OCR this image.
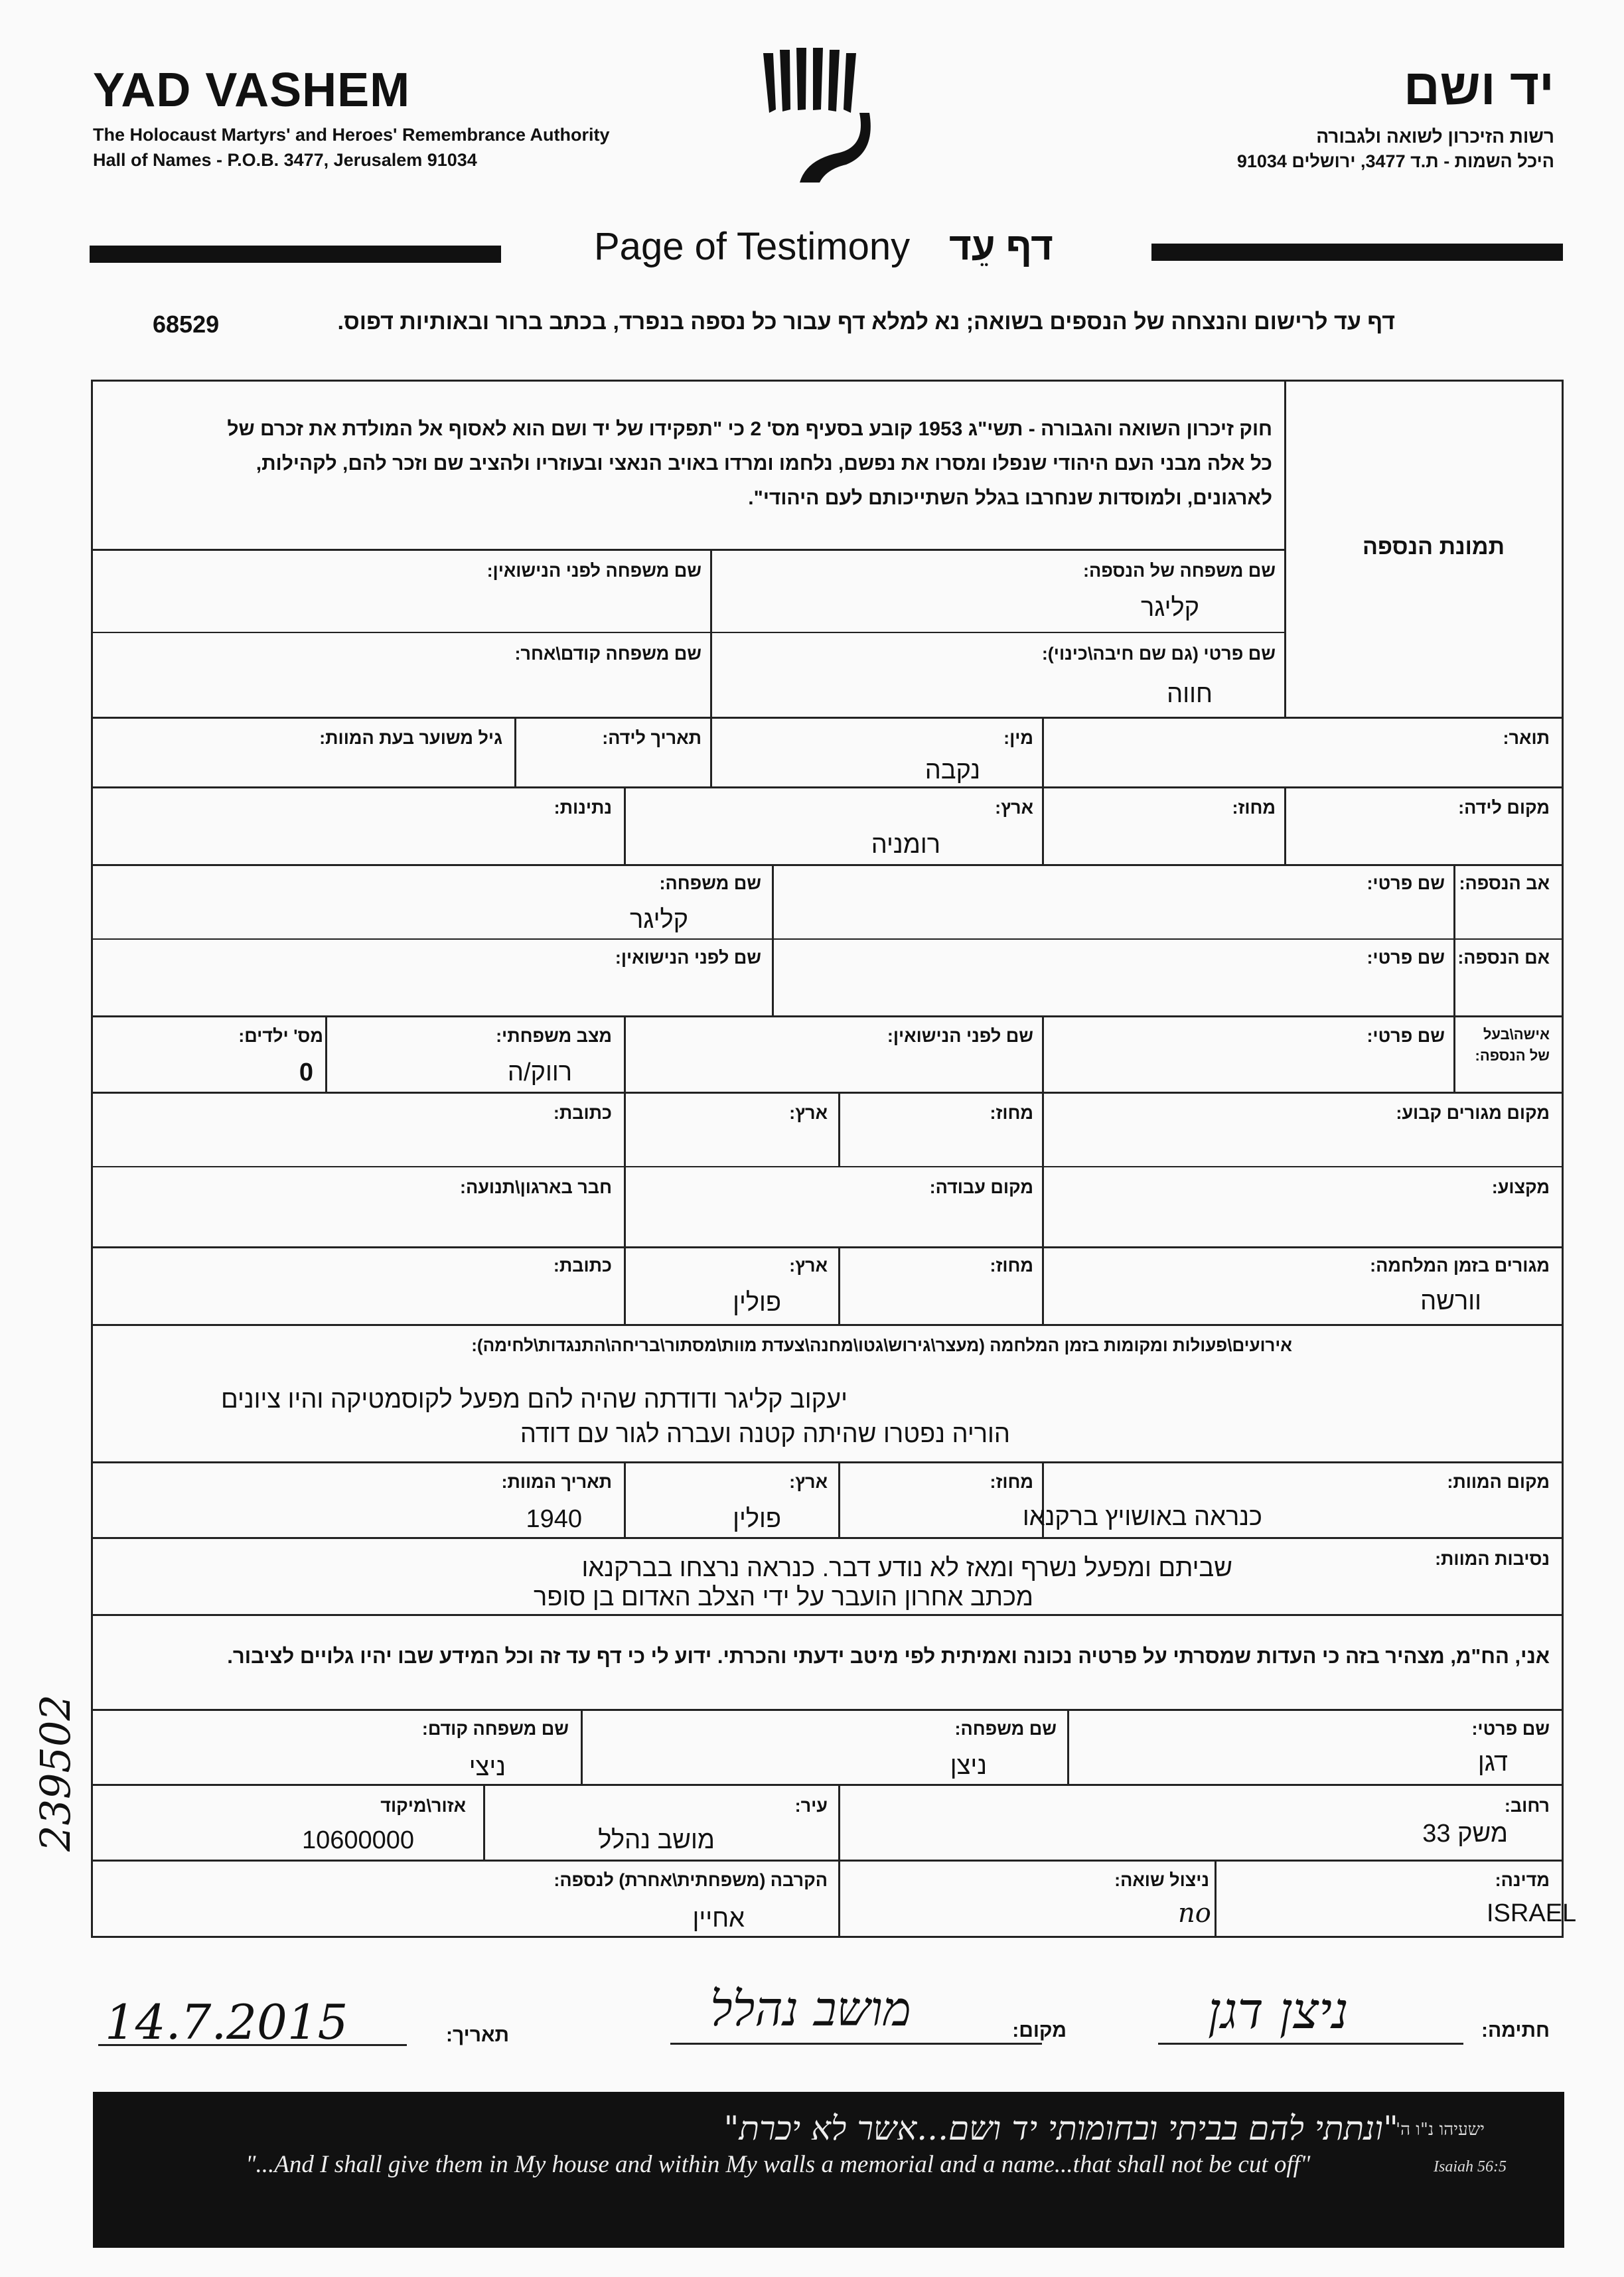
YAD VASHEM
The Holocaust Martyrs' and Heroes' Remembrance Authority
Hall of Names - P.O.B. 3477, Jerusalem 91034
יד ושם
רשות הזיכרון לשואה ולגבורה
היכל השמות - ת.ד 3477, ירושלים 91034
Page of Testimony דף עֵד
דף עד לרישום והנצחה של הנספים בשואה; נא למלא דף עבור כל נספה בנפרד, בכתב ברור ובאותיות דפוס.
68529
חוק זיכרון השואה והגבורה - תשי"ג 1953 קובע בסעיף מס' 2 כי "תפקידו של יד ושם הוא לאסוף אל המולדת את זכרם של
כל אלה מבני העם היהודי שנפלו ומסרו את נפשם, נלחמו ומרדו באויב הנאצי ובעוזריו ולהציב שם וזכר להם, לקהילות,
לארגונים, ולמוסדות שנחרבו בגלל השתייכותם לעם היהודי".
תמונת הנספה
שם משפחה של הנספה:
קליגר
שם משפחה לפני הנישואין:
שם פרטי (גם שם חיבה\כינוי):
חווה
שם משפחה קודם\אחר:
תואר:
מין:
נקבה
תאריך לידה:
גיל משוער בעת המוות:
מקום לידה:
מחוז:
ארץ:
רומניה
נתינות:
אב הנספה:
שם פרטי:
שם משפחה:
קליגר
אם הנספה:
שם פרטי:
שם לפני הנישואין:
אישה\בעל
של הנספה:
שם פרטי:
שם לפני הנישואין:
מצב משפחתי:
רווק/ה
מס' ילדים:
0
מקום מגורים קבוע:
מחוז:
ארץ:
כתובת:
מקצוע:
מקום עבודה:
חבר בארגון\תנועה:
מגורים בזמן המלחמה:
וורשה
מחוז:
ארץ:
פולין
כתובת:
אירועים\פעולות ומקומות בזמן המלחמה (מעצר\גירוש\גטו\מחנה\צעדת מוות\מסתור\בריחה\התנגדות\לחימה):
יעקוב קליגר ודודתה שהיה להם מפעל לקוסמטיקה והיו ציונים
הוריה נפטרו שהיתה קטנה ועברה לגור עם דודה
מקום המוות:
כנראה באושויץ ברקנאו
מחוז:
ארץ:
פולין
תאריך המוות:
1940
נסיבות המוות:
שביתם ומפעל נשרף ומאז לא נודע דבר. כנראה נרצחו בברקנאו
מכתב אחרון הועבר על ידי הצלב האדום בן סופר
אני, הח"מ, מצהיר בזה כי העדות שמסרתי על פרטיה נכונה ואמיתית לפי מיטב ידעתי והכרתי. ידוע לי כי דף עד זה וכל המידע שבו יהיו גלויים לציבור.
שם פרטי:
דגן
שם משפחה:
ניצן
שם משפחה קודם:
ניצי
רחוב:
משק 33
עיר:
מושב נהלל
אזור\מיקוד
10600000
מדינה:
ISRAEL
ניצול שואה:
no
הקרבה (משפחתית\אחרת) לנספה:
אחיין
חתימה:
ניצן דגן
מקום:
מושב נהלל
תאריך:
14.7.2015
239502
"ונתתי להם בביתי ובחומותי יד ושם...אשר לא יכרת"
ישעיהו נ"ו ה'
"...And I shall give them in My house and within My walls a memorial and a name...that shall not be cut off"	Isaiah 56:5
